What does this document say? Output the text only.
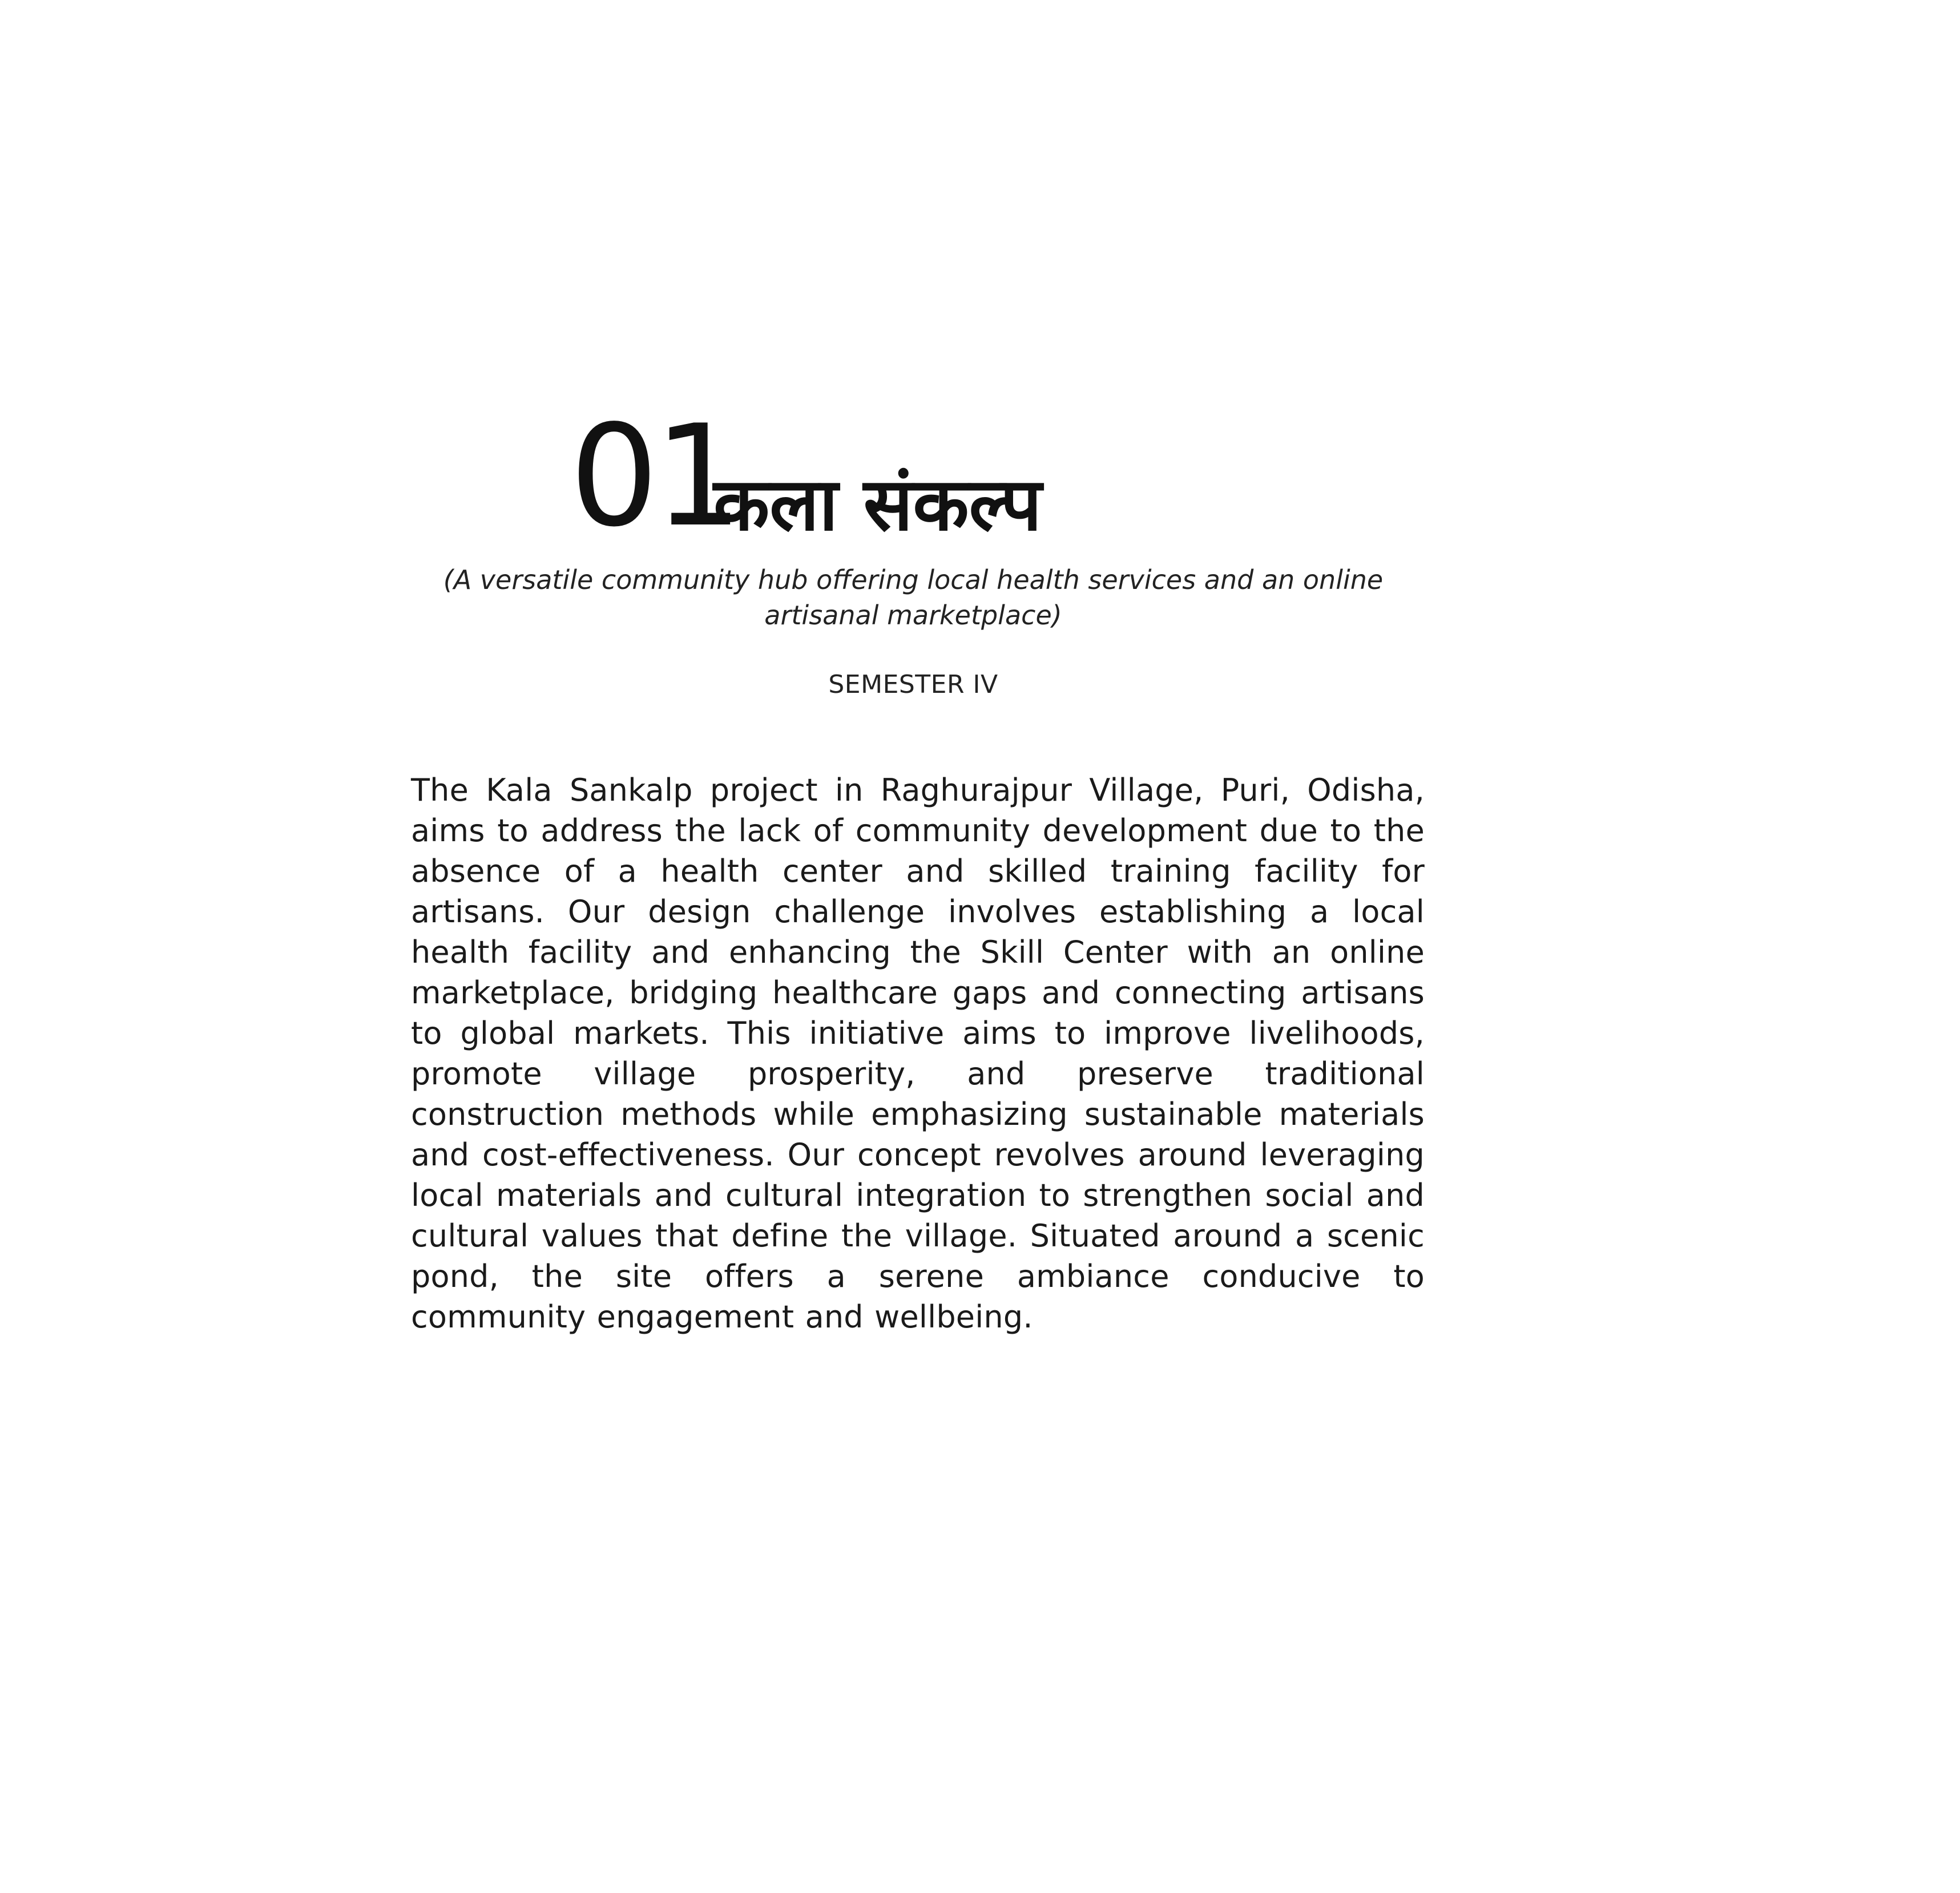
01
कला संकल्प
(A versatile community hub offering local health services and an online artisanal marketplace)
SEMESTER IV

The Kala Sankalp project in Raghurajpur Village, Puri, Odisha, aims to address the lack of community development due to the absence of a health center and skilled training facility for artisans. Our design challenge involves establishing a local health facility and enhancing the Skill Center with an online marketplace, bridging healthcare gaps and connecting artisans to global markets. This initiative aims to improve livelihoods, promote village prosperity, and preserve traditional construction methods while emphasizing sustainable materials and cost-effectiveness. Our concept revolves around leveraging local materials and cultural integration to strengthen social and cultural values that define the village. Situated around a scenic pond, the site offers a serene ambiance conducive to community engagement and wellbeing.
